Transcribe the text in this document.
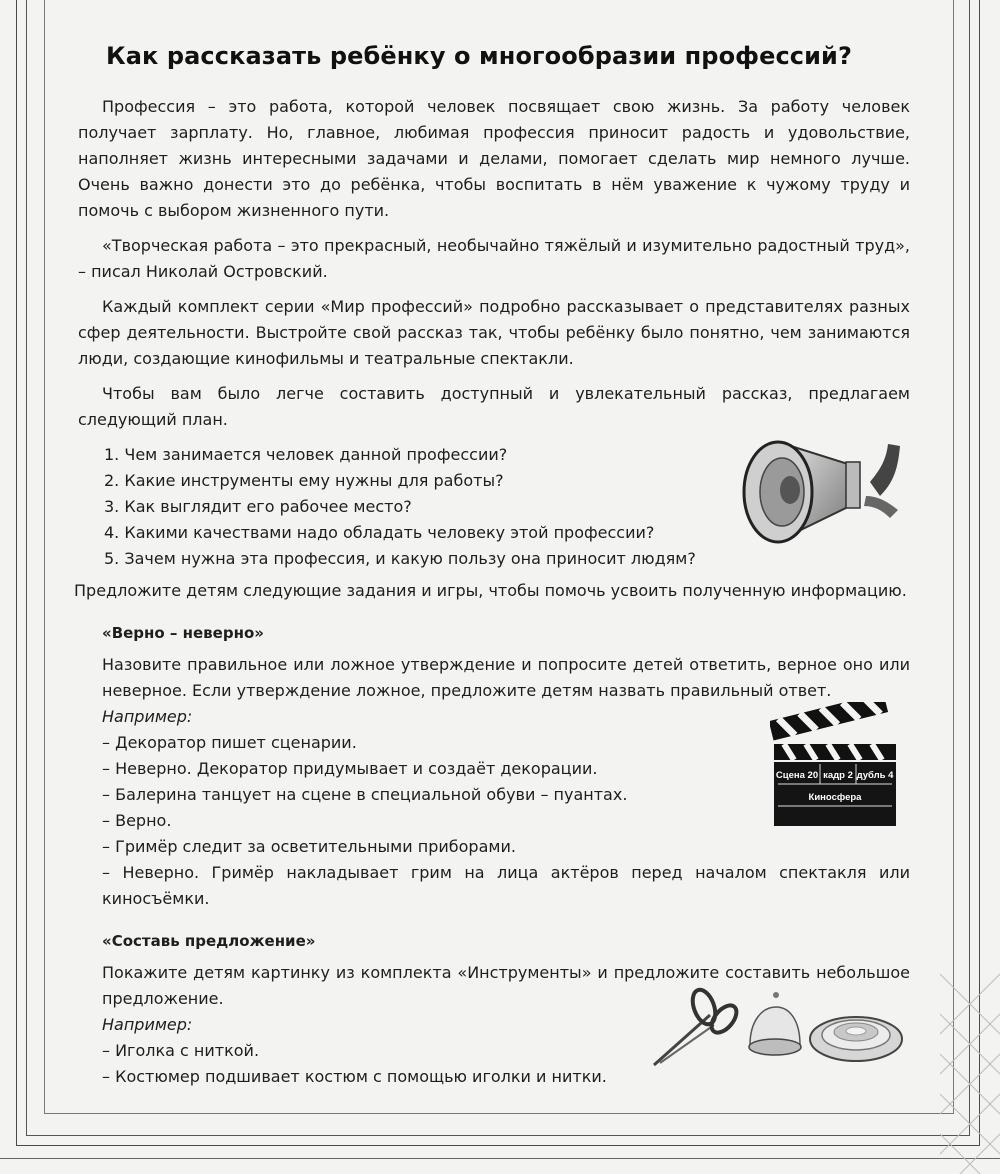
Как рассказать ребёнку о многообразии профессий?

Профессия – это работа, которой человек посвящает свою жизнь. За работу человек получает зарплату. Но, главное, любимая профессия приносит радость и удовольствие, наполняет жизнь интересными задачами и делами, помогает сделать мир немного лучше. Очень важно донести это до ребёнка, чтобы воспитать в нём уважение к чужому труду и помочь с выбором жизненного пути.

«Творческая работа – это прекрасный, необычайно тяжёлый и изумительно радостный труд», – писал Николай Островский.

Каждый комплект серии «Мир профессий» подробно рассказывает о представителях разных сфер деятельности. Выстройте свой рассказ так, чтобы ребёнку было понятно, чем занимаются люди, создающие кинофильмы и театральные спектакли.

Чтобы вам было легче составить доступный и увлекательный рассказ, предлагаем следующий план.

1. Чем занимается человек данной профессии?
2. Какие инструменты ему нужны для работы?
3. Как выглядит его рабочее место?
4. Какими качествами надо обладать человеку этой профессии?
5. Зачем нужна эта профессия, и какую пользу она приносит людям?

Предложите детям следующие задания и игры, чтобы помочь усвоить полученную информацию.

«Верно – неверно»

Назовите правильное или ложное утверждение и попросите детей ответить, верное оно или неверное. Если утверждение ложное, предложите детям назвать правильный ответ.

Например:
– Декоратор пишет сценарии.
– Неверно. Декоратор придумывает и создаёт декорации.
– Балерина танцует на сцене в специальной обуви – пуантах.
– Верно.
– Гримёр следит за осветительными приборами.

– Неверно. Гримёр накладывает грим на лица актёров перед началом спектакля или киносъёмки.

«Составь предложение»

Покажите детям картинку из комплекта «Инструменты» и предложите составить небольшое предложение.

Например:
– Иголка с ниткой.
– Костюмер подшивает костюм с помощью иголки и нитки.
Сцена 20 кадр 2 дубль 4
Киносфера
